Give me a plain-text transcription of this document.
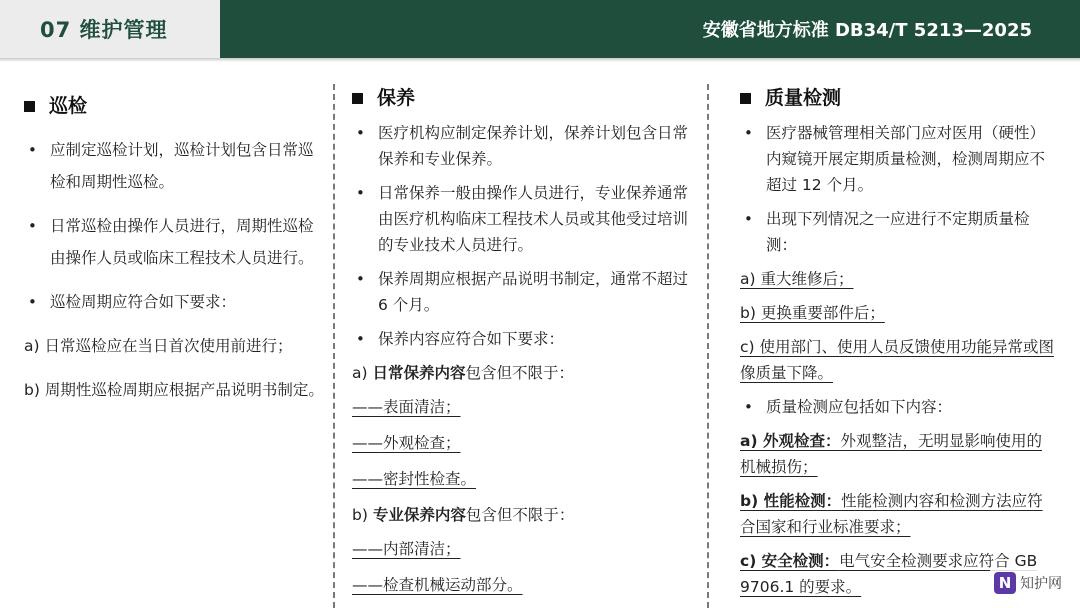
07 维护管理	安徽省地方标准 DB34/T 5213—2025
巡检
• 应制定巡检计划，巡检计划包含日常巡检和周期性巡检。
• 日常巡检由操作人员进行，周期性巡检由操作人员或临床工程技术人员进行。
• 巡检周期应符合如下要求：
a) 日常巡检应在当日首次使用前进行；
b) 周期性巡检周期应根据产品说明书制定。
保养
• 医疗机构应制定保养计划，保养计划包含日常保养和专业保养。
• 日常保养一般由操作人员进行，专业保养通常由医疗机构临床工程技术人员或其他受过培训的专业技术人员进行。
• 保养周期应根据产品说明书制定，通常不超过 6 个月。
• 保养内容应符合如下要求：
a) 日常保养内容包含但不限于：
——表面清洁；
——外观检查；
——密封性检查。
b) 专业保养内容包含但不限于：
——内部清洁；
——检查机械运动部分。
质量检测
• 医疗器械管理相关部门应对医用（硬性）内窥镜开展定期质量检测，检测周期应不超过 12 个月。
• 出现下列情况之一应进行不定期质量检测：
a) 重大维修后；
b) 更换重要部件后；
c) 使用部门、使用人员反馈使用功能异常或图像质量下降。
• 质量检测应包括如下内容：
a) 外观检查：外观整洁，无明显影响使用的机械损伤；
b) 性能检测：性能检测内容和检测方法应符合国家和行业标准要求；
c) 安全检测：电气安全检测要求应符合 GB 9706.1 的要求。	N 知护网
